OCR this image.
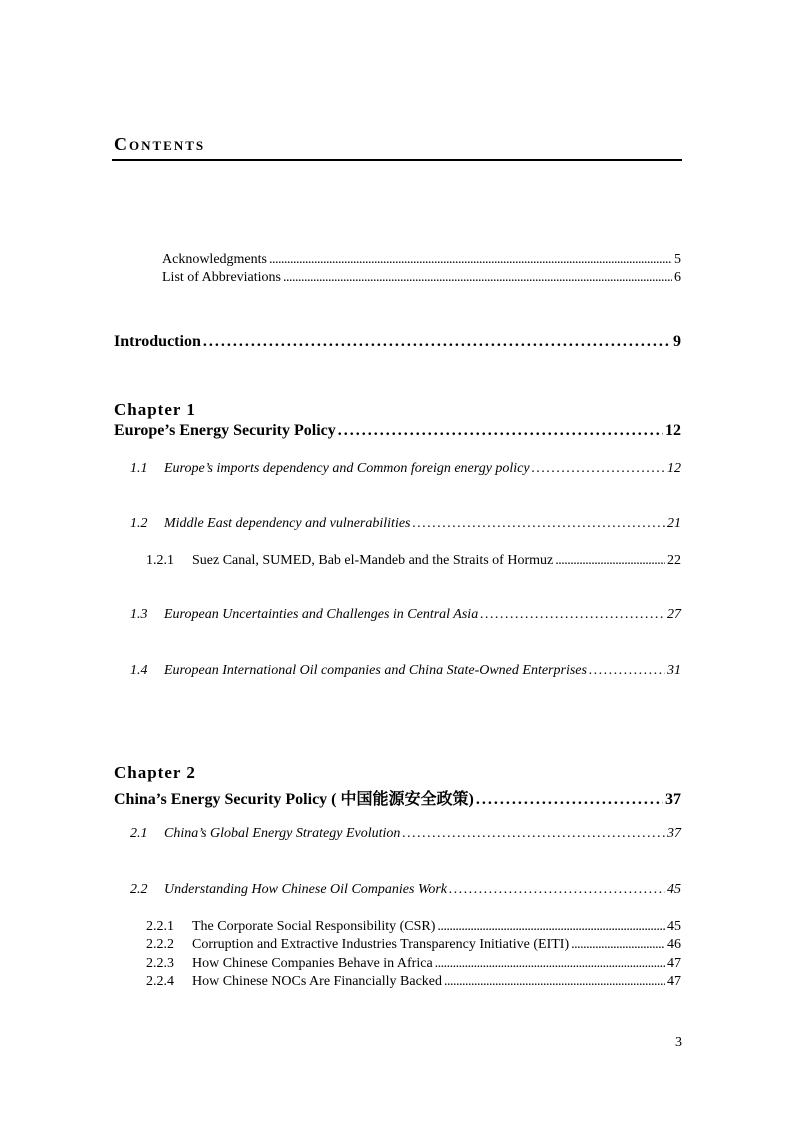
Contents
Acknowledgments . . .	5
List of Abbreviations . . .	6
Introduction . . .	9
Chapter 1
Europe’s Energy Security Policy . . .	12
1.1	Europe’s imports dependency and Common foreign energy policy . . .	12
1.2	Middle East dependency and vulnerabilities . . .	21
1.2.1	Suez Canal, SUMED, Bab el-Mandeb and the Straits of Hormuz . . .	22
1.3	European Uncertainties and Challenges in Central Asia . . .	27
1.4	European International Oil companies and China State-Owned Enterprises . . .	31
Chapter 2
China’s Energy Security Policy ( 中国能源安全政策) . . .	37
2.1	China’s Global Energy Strategy Evolution . . .	37
2.2	Understanding How Chinese Oil Companies Work . . .	45
2.2.1	The Corporate Social Responsibility (CSR) . . .	45
2.2.2	Corruption and Extractive Industries Transparency Initiative (EITI) . . .	46
2.2.3	How Chinese Companies Behave in Africa . . .	47
2.2.4	How Chinese NOCs Are Financially Backed . . .	47
3
